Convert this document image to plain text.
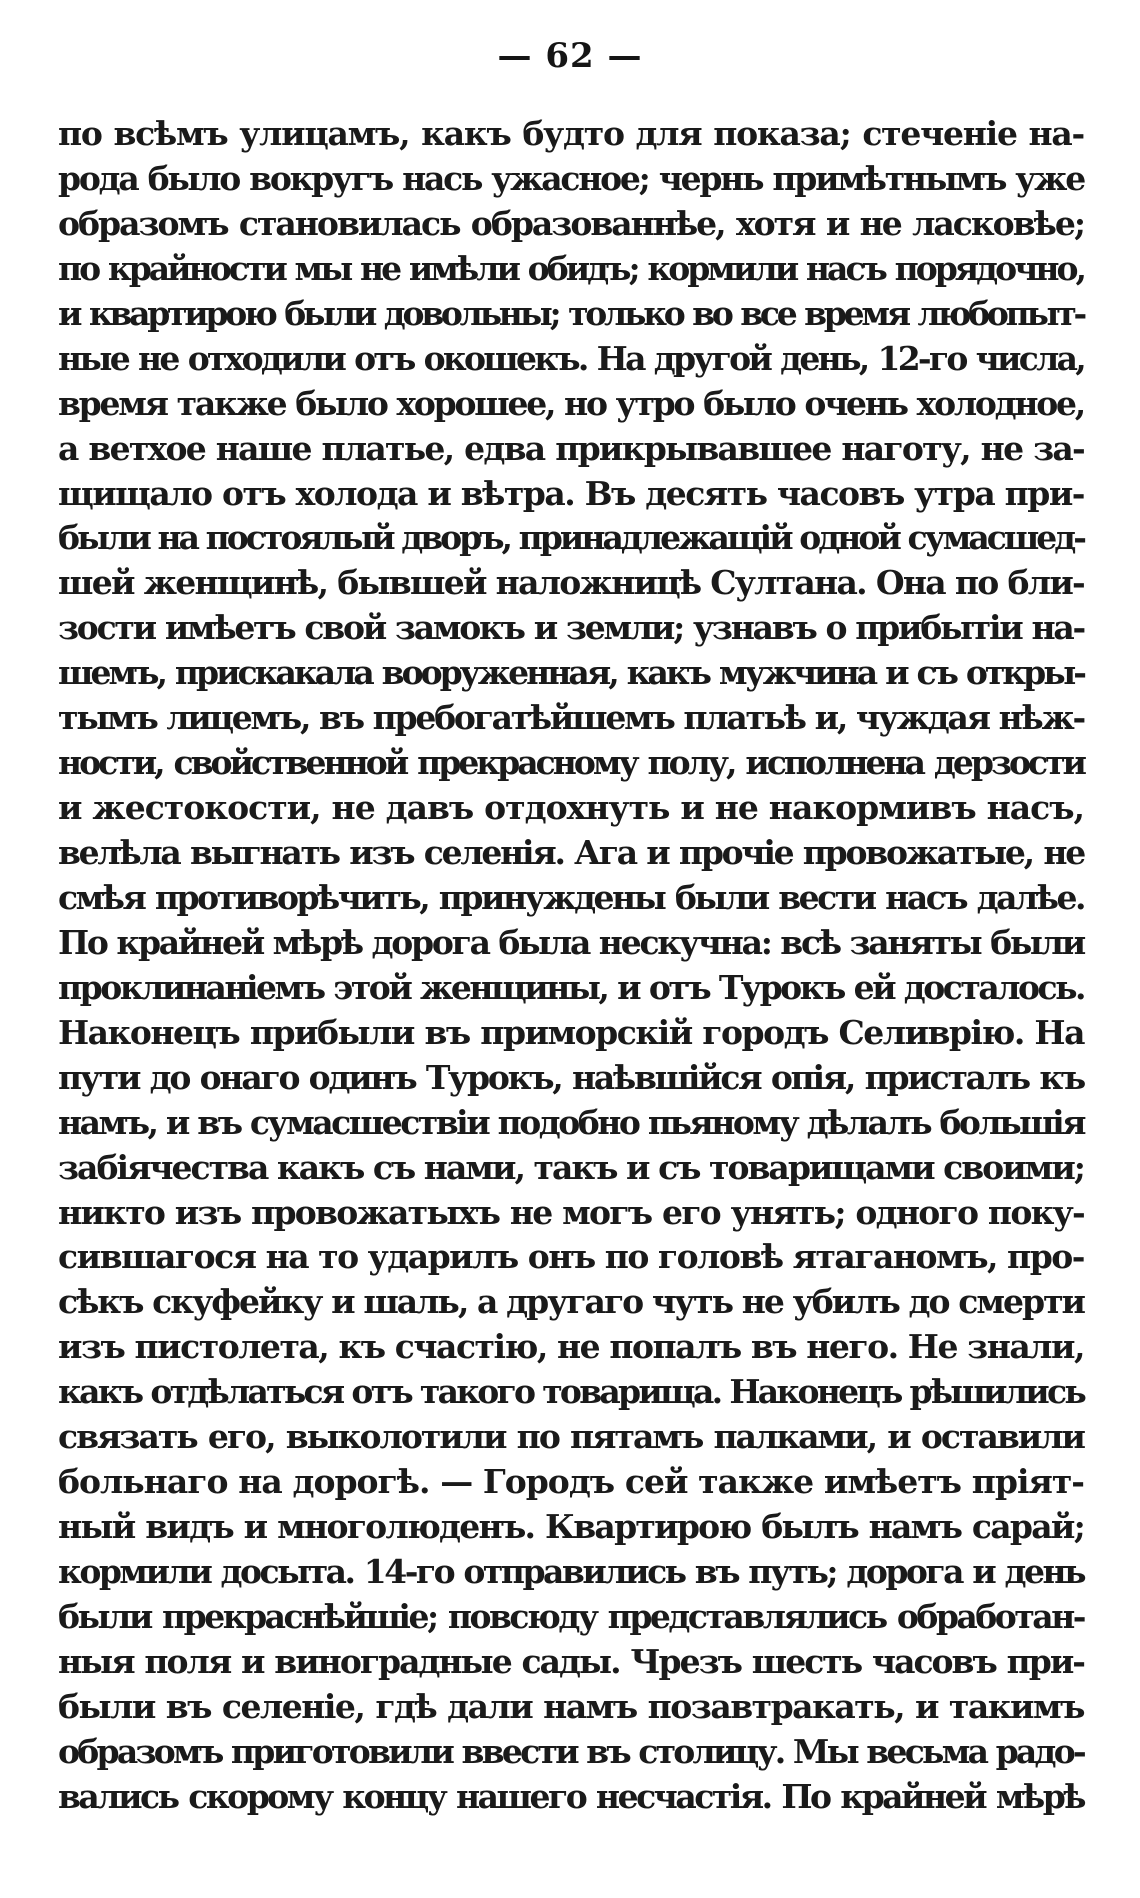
— 62 —
по всѣмъ улицамъ, какъ будто для показа; стеченіе на-
рода было вокругъ нась ужасное; чернь примѣтнымъ уже
образомъ становилась образованнѣе, хотя и не ласковѣе;
по крайности мы не имѣли обидъ; кормили насъ порядочно,
и квартирою были довольны; только во все время любопыт-
ные не отходили отъ окошекъ. На другой день, 12-го числа,
время также было хорошее, но утро было очень холодное,
а ветхое наше платье, едва прикрывавшее наготу, не за-
щищало отъ холода и вѣтра. Въ десять часовъ утра при-
были на постоялый дворъ, принадлежащій одной сумасшед-
шей женщинѣ, бывшей наложницѣ Султана. Она по бли-
зости имѣетъ свой замокъ и земли; узнавъ о прибытіи на-
шемъ, прискакала вооруженная, какъ мужчина и съ откры-
тымъ лицемъ, въ пребогатѣйшемъ платьѣ и, чуждая нѣж-
ности, свойственной прекрасному полу, исполнена дерзости
и жестокости, не давъ отдохнуть и не накормивъ насъ,
велѣла выгнать изъ селенія. Ага и прочіе провожатые, не
смѣя противорѣчить, принуждены были вести насъ далѣе.
По крайней мѣрѣ дорога была нескучна: всѣ заняты были
проклинаніемъ этой женщины, и отъ Турокъ ей досталось.
Наконецъ прибыли въ приморскій городъ Селиврію. На
пути до онаго одинъ Турокъ, наѣвшійся опія, присталъ къ
намъ, и въ сумасшествіи подобно пьяному дѣлалъ большія
забіячества какъ съ нами, такъ и съ товарищами своими;
никто изъ провожатыхъ не могъ его унять; одного поку-
сившагося на то ударилъ онъ по головѣ ятаганомъ, про-
сѣкъ скуфейку и шаль, а другаго чуть не убилъ до смерти
изъ пистолета, къ счастію, не попалъ въ него. Не знали,
какъ отдѣлаться отъ такого товарища. Наконецъ рѣшились
связать его, выколотили по пятамъ палками, и оставили
больнаго на дорогѣ. — Городъ сей также имѣетъ пріят-
ный видъ и многолюденъ. Квартирою былъ намъ сарай;
кормили досыта. 14-го отправились въ путь; дорога и день
были прекраснѣйшіе; повсюду представлялись обработан-
ныя поля и виноградные сады. Чрезъ шесть часовъ при-
были въ селеніе, гдѣ дали намъ позавтракать, и такимъ
образомъ приготовили ввести въ столицу. Мы весьма радо-
вались скорому концу нашего несчастія. По крайней мѣрѣ
